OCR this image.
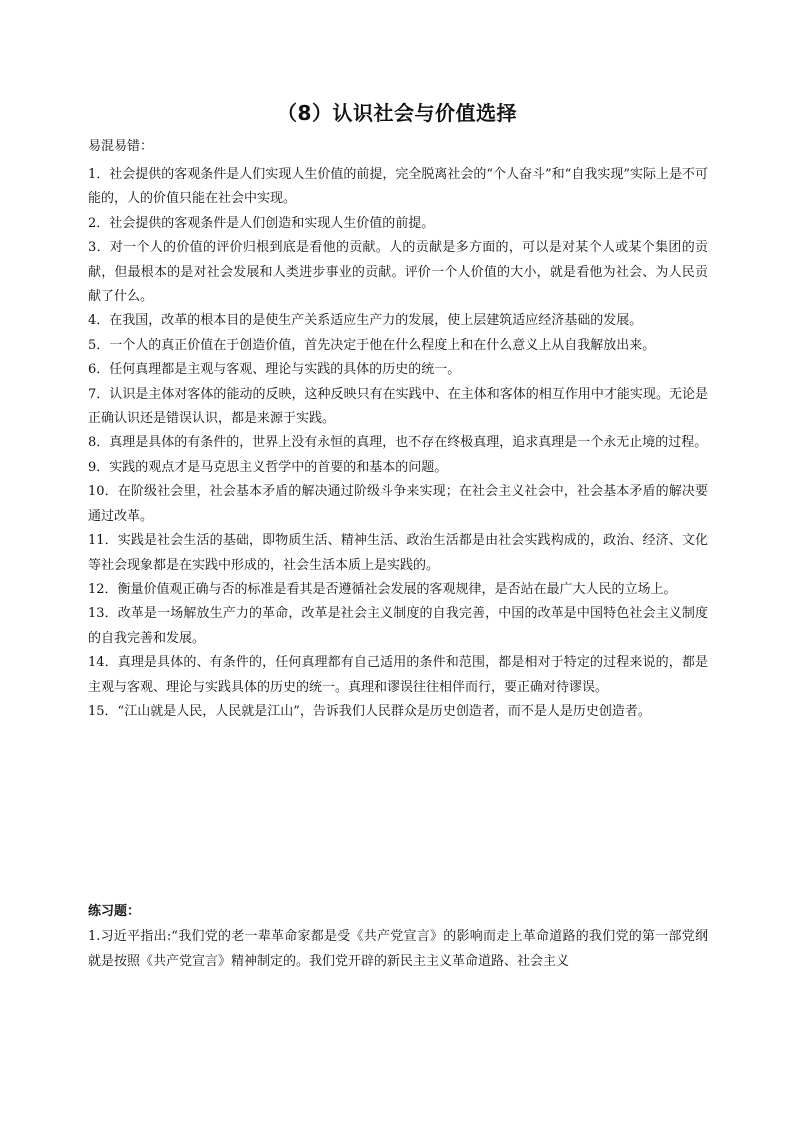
（8）认识社会与价值选择
易混易错：

1．社会提供的客观条件是人们实现人生价值的前提，完全脱离社会的“个人奋斗”和“自我实现”实际上是不可能的，人的价值只能在社会中实现。

2．社会提供的客观条件是人们创造和实现人生价值的前提。

3．对一个人的价值的评价归根到底是看他的贡献。人的贡献是多方面的，可以是对某个人或某个集团的贡献，但最根本的是对社会发展和人类进步事业的贡献。评价一个人价值的大小，就是看他为社会、为人民贡献了什么。

4．在我国，改革的根本目的是使生产关系适应生产力的发展，使上层建筑适应经济基础的发展。

5．一个人的真正价值在于创造价值，首先决定于他在什么程度上和在什么意义上从自我解放出来。

6．任何真理都是主观与客观、理论与实践的具体的历史的统一。

7．认识是主体对客体的能动的反映，这种反映只有在实践中、在主体和客体的相互作用中才能实现。无论是正确认识还是错误认识，都是来源于实践。

8．真理是具体的有条件的，世界上没有永恒的真理，也不存在终极真理，追求真理是一个永无止境的过程。

9．实践的观点才是马克思主义哲学中的首要的和基本的问题。

10．在阶级社会里，社会基本矛盾的解决通过阶级斗争来实现；在社会主义社会中，社会基本矛盾的解决要通过改革。

11．实践是社会生活的基础，即物质生活、精神生活、政治生活都是由社会实践构成的，政治、经济、文化等社会现象都是在实践中形成的，社会生活本质上是实践的。

12．衡量价值观正确与否的标准是看其是否遵循社会发展的客观规律，是否站在最广大人民的立场上。

13．改革是一场解放生产力的革命，改革是社会主义制度的自我完善，中国的改革是中国特色社会主义制度的自我完善和发展。

14．真理是具体的、有条件的，任何真理都有自己适用的条件和范围，都是相对于特定的过程来说的，都是主观与客观、理论与实践具体的历史的统一。真理和谬误往往相伴而行，要正确对待谬误。

15．“江山就是人民，人民就是江山”，告诉我们人民群众是历史创造者，而不是人是历史创造者。

练习题：

1.习近平指出:“我们党的老一辈革命家都是受《共产党宣言》的影响而走上革命道路的我们党的第一部党纲就是按照《共产党宣言》精神制定的。我们党开辟的新民主主义革命道路、社会主义
